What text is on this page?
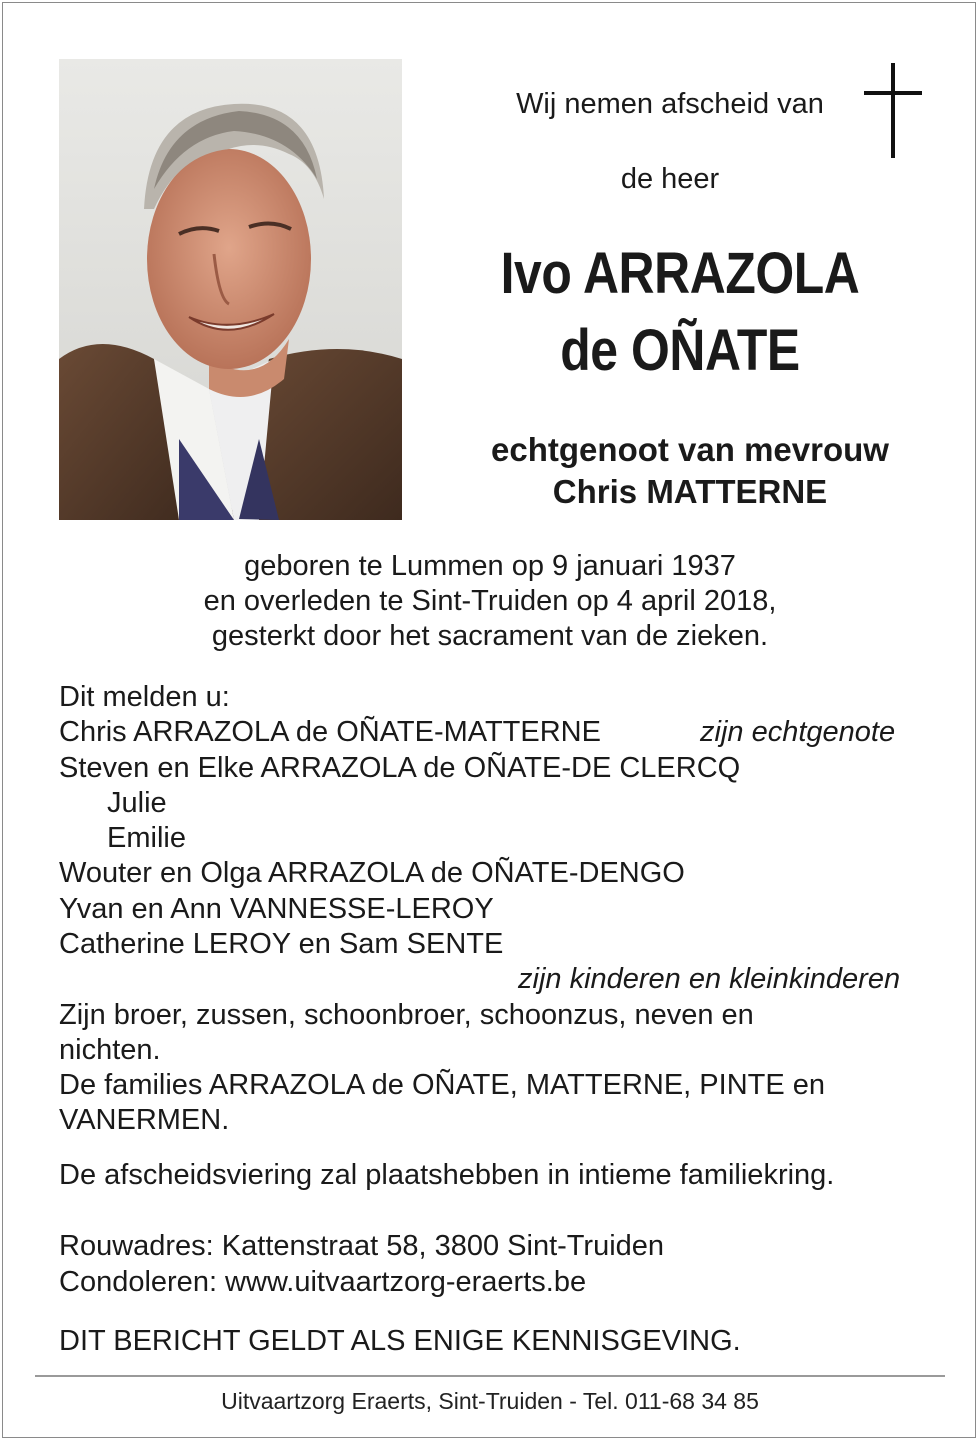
Wij nemen afscheid van
de heer
Ivo ARRAZOLA
de OÑATE
echtgenoot van mevrouw
Chris MATTERNE
geboren te Lummen op 9 januari 1937
en overleden te Sint-Truiden op 4 april 2018,
gesterkt door het sacrament van de zieken.
Dit melden u:
Chris ARRAZOLA de OÑATE-MATTERNE	zijn echtgenote
Steven en Elke ARRAZOLA de OÑATE-DE CLERCQ
Julie
Emilie
Wouter en Olga ARRAZOLA de OÑATE-DENGO
Yvan en Ann VANNESSE-LEROY
Catherine LEROY en Sam SENTE
zijn kinderen en kleinkinderen
Zijn broer, zussen, schoonbroer, schoonzus, neven en
nichten.
De families ARRAZOLA de OÑATE, MATTERNE, PINTE en
VANERMEN.
De afscheidsviering zal plaatshebben in intieme familiekring.
Rouwadres: Kattenstraat 58, 3800 Sint-Truiden
Condoleren: www.uitvaartzorg-eraerts.be
DIT BERICHT GELDT ALS ENIGE KENNISGEVING.
Uitvaartzorg Eraerts, Sint-Truiden - Tel. 011-68 34 85
